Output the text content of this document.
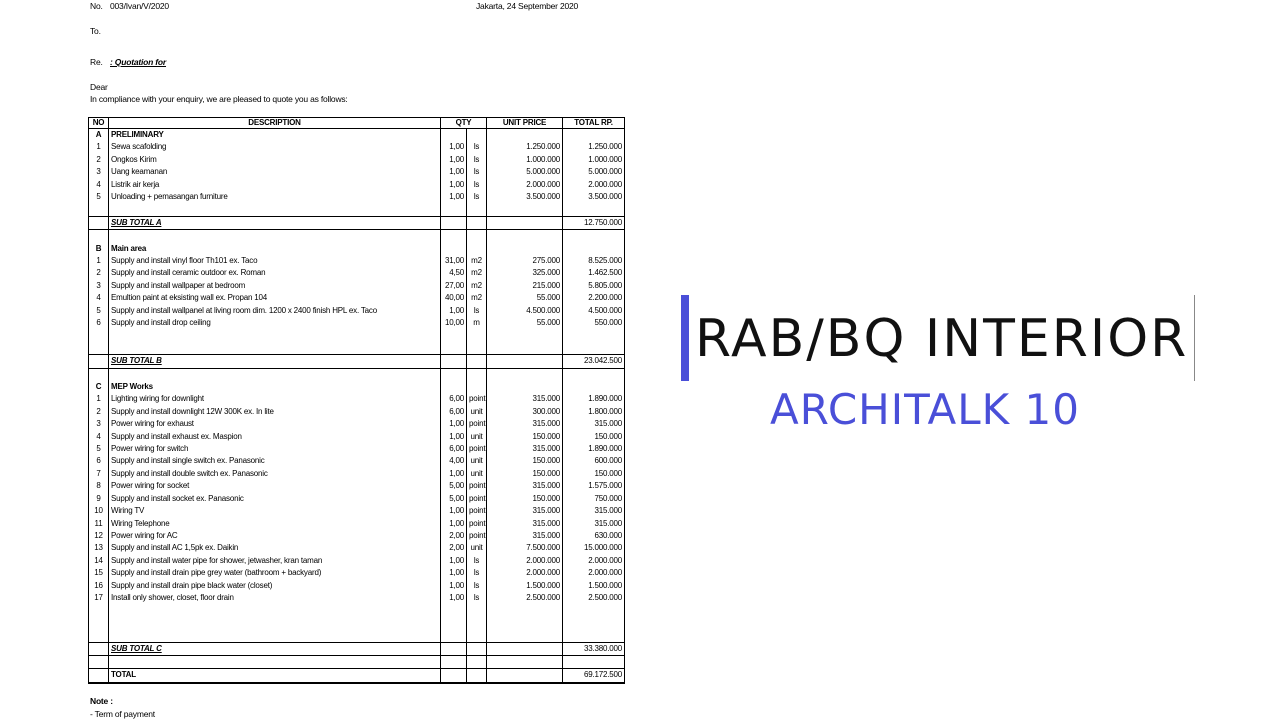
No. 003/Ivan/V/2020	Jakarta, 24 September 2020
To.
Re. : Quotation for
Dear
In compliance with your enquiry, we are pleased to quote you as follows:
NO	DESCRIPTION	QTY		UNIT PRICE	TOTAL RP.
A	PRELIMINARY				
1	Sewa scafolding	1,00	ls	1.250.000	1.250.000
2	Ongkos Kirim	1,00	ls	1.000.000	1.000.000
3	Uang keamanan	1,00	ls	5.000.000	5.000.000
4	Listrik air kerja	1,00	ls	2.000.000	2.000.000
5	Unloading + pemasangan furniture	1,00	ls	3.500.000	3.500.000

	SUB TOTAL A				12.750.000

B	Main area				
1	Supply and install vinyl floor Th101 ex. Taco	31,00	m2	275.000	8.525.000
2	Supply and install ceramic outdoor ex. Roman	4,50	m2	325.000	1.462.500
3	Supply and install wallpaper at bedroom	27,00	m2	215.000	5.805.000
4	Emultion paint at eksisting wall ex. Propan 104	40,00	m2	55.000	2.200.000
5	Supply and install wallpanel at living room dim. 1200 x 2400 finish HPL ex. Taco	1,00	ls	4.500.000	4.500.000
6	Supply and install drop ceiling	10,00	m	55.000	550.000

	SUB TOTAL B				23.042.500

C	MEP Works				
1	Lighting wiring for downlight	6,00	point	315.000	1.890.000
2	Supply and install downlight 12W 300K ex. In lite	6,00	unit	300.000	1.800.000
3	Power wiring for exhaust	1,00	point	315.000	315.000
4	Supply and install exhaust ex. Maspion	1,00	unit	150.000	150.000
5	Power wiring for switch	6,00	point	315.000	1.890.000
6	Supply and install single switch ex. Panasonic	4,00	unit	150.000	600.000
7	Supply and install double switch ex. Panasonic	1,00	unit	150.000	150.000
8	Power wiring for socket	5,00	point	315.000	1.575.000
9	Supply and install socket ex. Panasonic	5,00	point	150.000	750.000
10	Wiring TV	1,00	point	315.000	315.000
11	Wiring Telephone	1,00	point	315.000	315.000
12	Power wiring for AC	2,00	point	315.000	630.000
13	Supply and install AC 1,5pk ex. Daikin	2,00	unit	7.500.000	15.000.000
14	Supply and install water pipe for shower, jetwasher, kran taman	1,00	ls	2.000.000	2.000.000
15	Supply and install drain pipe grey water (bathroom + backyard)	1,00	ls	2.000.000	2.000.000
16	Supply and install drain pipe black water (closet)	1,00	ls	1.500.000	1.500.000
17	Install only shower, closet, floor drain	1,00	ls	2.500.000	2.500.000

	SUB TOTAL C				33.380.000

	TOTAL				69.172.500
Note :
- Term of payment
RAB/BQ INTERIOR
ARCHITALK 10
